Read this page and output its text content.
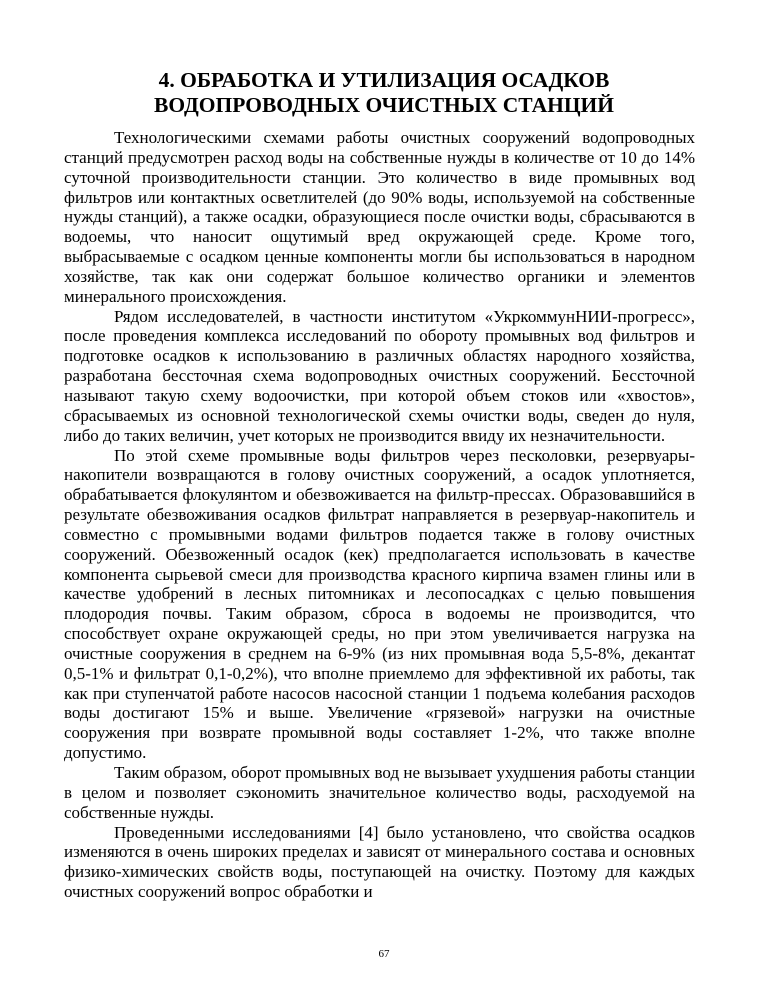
4. ОБРАБОТКА И УТИЛИЗАЦИЯ ОСАДКОВ
ВОДОПРОВОДНЫХ ОЧИСТНЫХ СТАНЦИЙ

Технологическими схемами работы очистных сооружений водопроводных станций предусмотрен расход воды на собственные нужды в количестве от 10 до 14% суточной производительности станции. Это количество в виде промывных вод фильтров или контактных осветлителей (до 90% воды, используемой на собственные нужды станций), а также осадки, образующиеся после очистки воды, сбрасываются в водоемы, что наносит ощутимый вред окружающей среде. Кроме того, выбрасываемые с осадком ценные компоненты могли бы использоваться в народном хозяйстве, так как они содержат большое количество органики и элементов минерального происхождения.

Рядом исследователей, в частности институтом «УкркоммунНИИ-прогресс», после проведения комплекса исследований по обороту промывных вод фильтров и подготовке осадков к использованию в различных областях народного хозяйства, разработана бессточная схема водопроводных очистных сооружений. Бессточной называют такую схему водоочистки, при которой объем стоков или «хвостов», сбрасываемых из основной технологической схемы очистки воды, сведен до нуля, либо до таких величин, учет которых не производится ввиду их незначительности.

По этой схеме промывные воды фильтров через песколовки, резервуары-накопители возвращаются в голову очистных сооружений, а осадок уплотняется, обрабатывается флокулянтом и обезвоживается на фильтр-прессах. Образовавшийся в результате обезвоживания осадков фильтрат направляется в резервуар-накопитель и совместно с промывными водами фильтров подается также в голову очистных сооружений. Обезвоженный осадок (кек) предполагается использовать в качестве компонента сырьевой смеси для производства красного кирпича взамен глины или в качестве удобрений в лесных питомниках и лесопосадках с целью повышения плодородия почвы. Таким образом, сброса в водоемы не производится, что способствует охране окружающей среды, но при этом увеличивается нагрузка на очистные сооружения в среднем на 6-9% (из них промывная вода 5,5-8%, декантат 0,5-1% и фильтрат 0,1-0,2%), что вполне приемлемо для эффективной их работы, так как при ступенчатой работе насосов насосной станции 1 подъема колебания расходов воды достигают 15% и выше. Увеличение «грязевой» нагрузки на очистные сооружения при возврате промывной воды составляет 1-2%, что также вполне допустимо.

Таким образом, оборот промывных вод не вызывает ухудшения работы станции в целом и позволяет сэкономить значительное количество воды, расходуемой на собственные нужды.

Проведенными исследованиями [4] было установлено, что свойства осадков изменяются в очень широких пределах и зависят от минерального состава и основных физико-химических свойств воды, поступающей на очистку. Поэтому для каждых очистных сооружений вопрос обработки и

67
